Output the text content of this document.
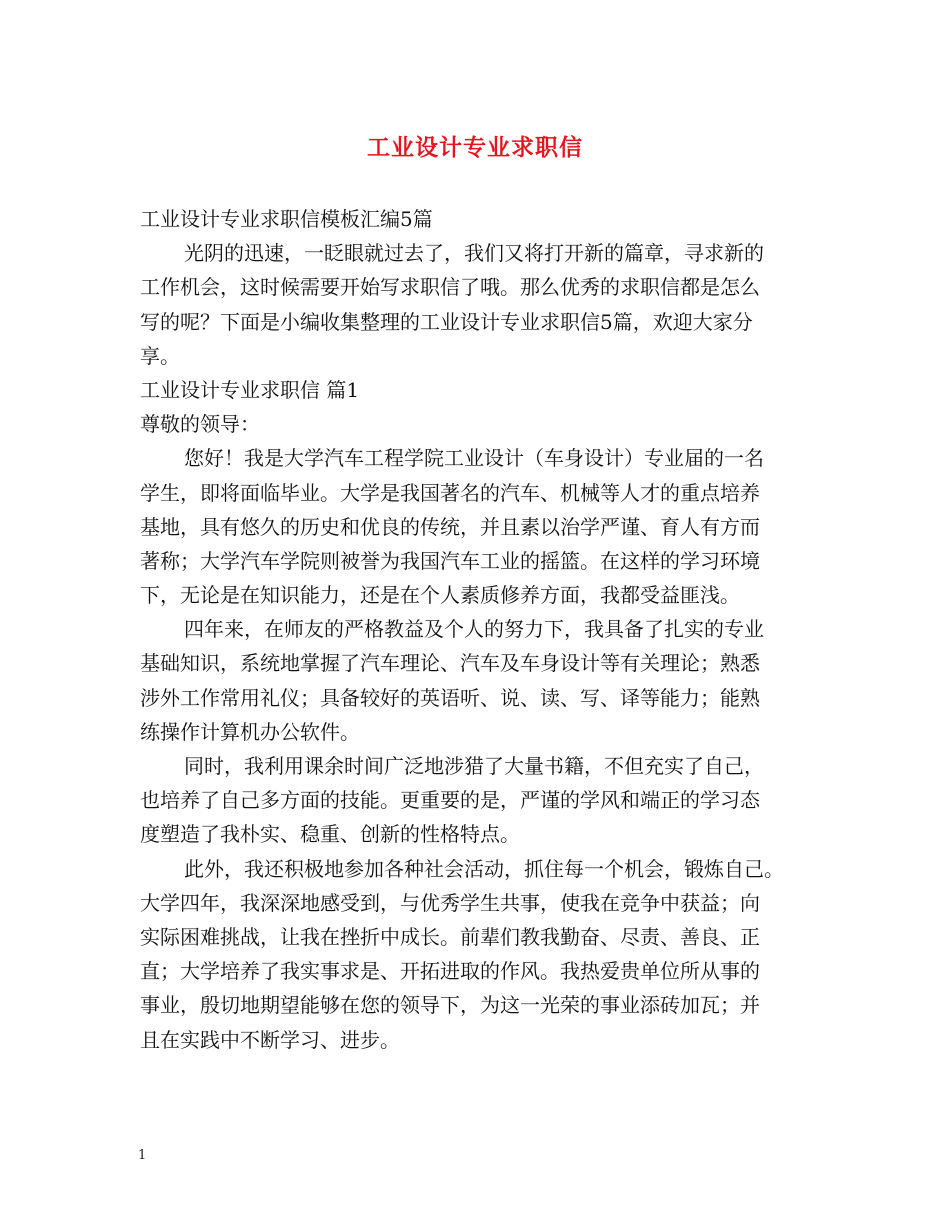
工业设计专业求职信
工业设计专业求职信模板汇编5篇
光阴的迅速，一眨眼就过去了，我们又将打开新的篇章，寻求新的
工作机会，这时候需要开始写求职信了哦。那么优秀的求职信都是怎么
写的呢？下面是小编收集整理的工业设计专业求职信5篇，欢迎大家分
享。
工业设计专业求职信 篇1
尊敬的领导：
您好！我是大学汽车工程学院工业设计（车身设计）专业届的一名
学生，即将面临毕业。大学是我国著名的汽车、机械等人才的重点培养
基地，具有悠久的历史和优良的传统，并且素以治学严谨、育人有方而
著称；大学汽车学院则被誉为我国汽车工业的摇篮。在这样的学习环境
下，无论是在知识能力，还是在个人素质修养方面，我都受益匪浅。
四年来，在师友的严格教益及个人的努力下，我具备了扎实的专业
基础知识，系统地掌握了汽车理论、汽车及车身设计等有关理论；熟悉
涉外工作常用礼仪；具备较好的英语听、说、读、写、译等能力；能熟
练操作计算机办公软件。
同时，我利用课余时间广泛地涉猎了大量书籍，不但充实了自己，
也培养了自己多方面的技能。更重要的是，严谨的学风和端正的学习态
度塑造了我朴实、稳重、创新的性格特点。
此外，我还积极地参加各种社会活动，抓住每一个机会，锻炼自己。
大学四年，我深深地感受到，与优秀学生共事，使我在竞争中获益；向
实际困难挑战，让我在挫折中成长。前辈们教我勤奋、尽责、善良、正
直；大学培养了我实事求是、开拓进取的作风。我热爱贵单位所从事的
事业，殷切地期望能够在您的领导下，为这一光荣的事业添砖加瓦；并
且在实践中不断学习、进步。
1
